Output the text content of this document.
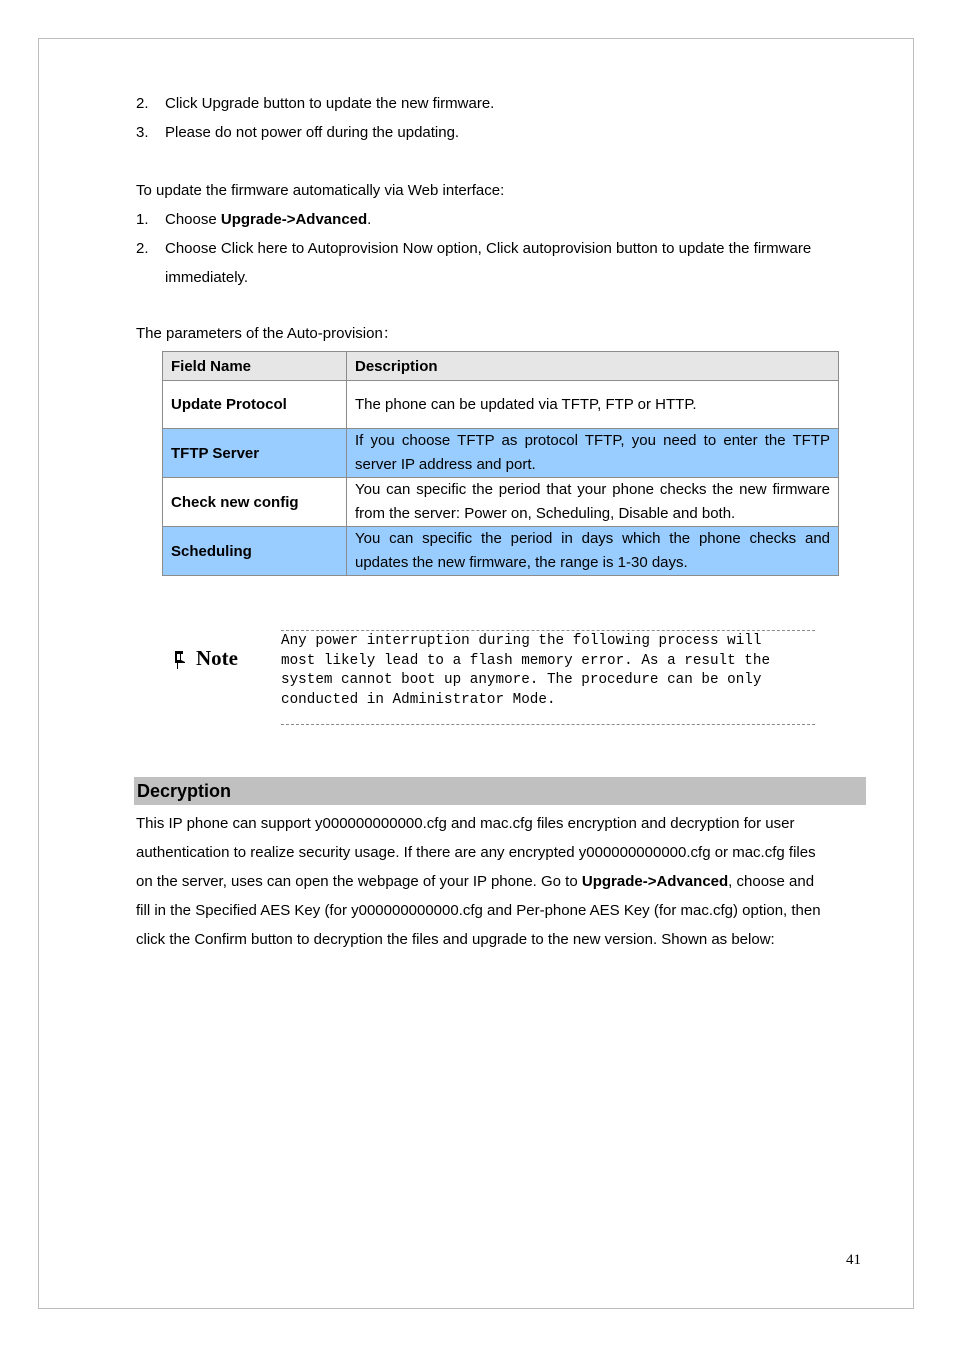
2. Click Upgrade button to update the new firmware.
3. Please do not power off during the updating.
To update the firmware automatically via Web interface:
1. Choose Upgrade->Advanced.
2. Choose Click here to Autoprovision Now option, Click autoprovision button to update the firmware
immediately.
The parameters of the Auto-provision：
Field Name	Description
Update Protocol	The phone can be updated via TFTP, FTP or HTTP.
TFTP Server	If you choose TFTP as protocol TFTP, you need to enter the TFTP server IP address and port.
Check new config	You can specific the period that your phone checks the new firmware from the server: Power on, Scheduling, Disable and both.
Scheduling	You can specific the period in days which the phone checks and updates the new firmware, the range is 1-30 days.
Note
Any power interruption during the following process will
most likely lead to a flash memory error. As a result the
system cannot boot up anymore. The procedure can be only
conducted in Administrator Mode.
Decryption
This IP phone can support y000000000000.cfg and mac.cfg files encryption and decryption for user
authentication to realize security usage. If there are any encrypted y000000000000.cfg or mac.cfg files
on the server, uses can open the webpage of your IP phone. Go to Upgrade->Advanced, choose and
fill in the Specified AES Key (for y000000000000.cfg and Per-phone AES Key (for mac.cfg) option, then
click the Confirm button to decryption the files and upgrade to the new version. Shown as below:
41
